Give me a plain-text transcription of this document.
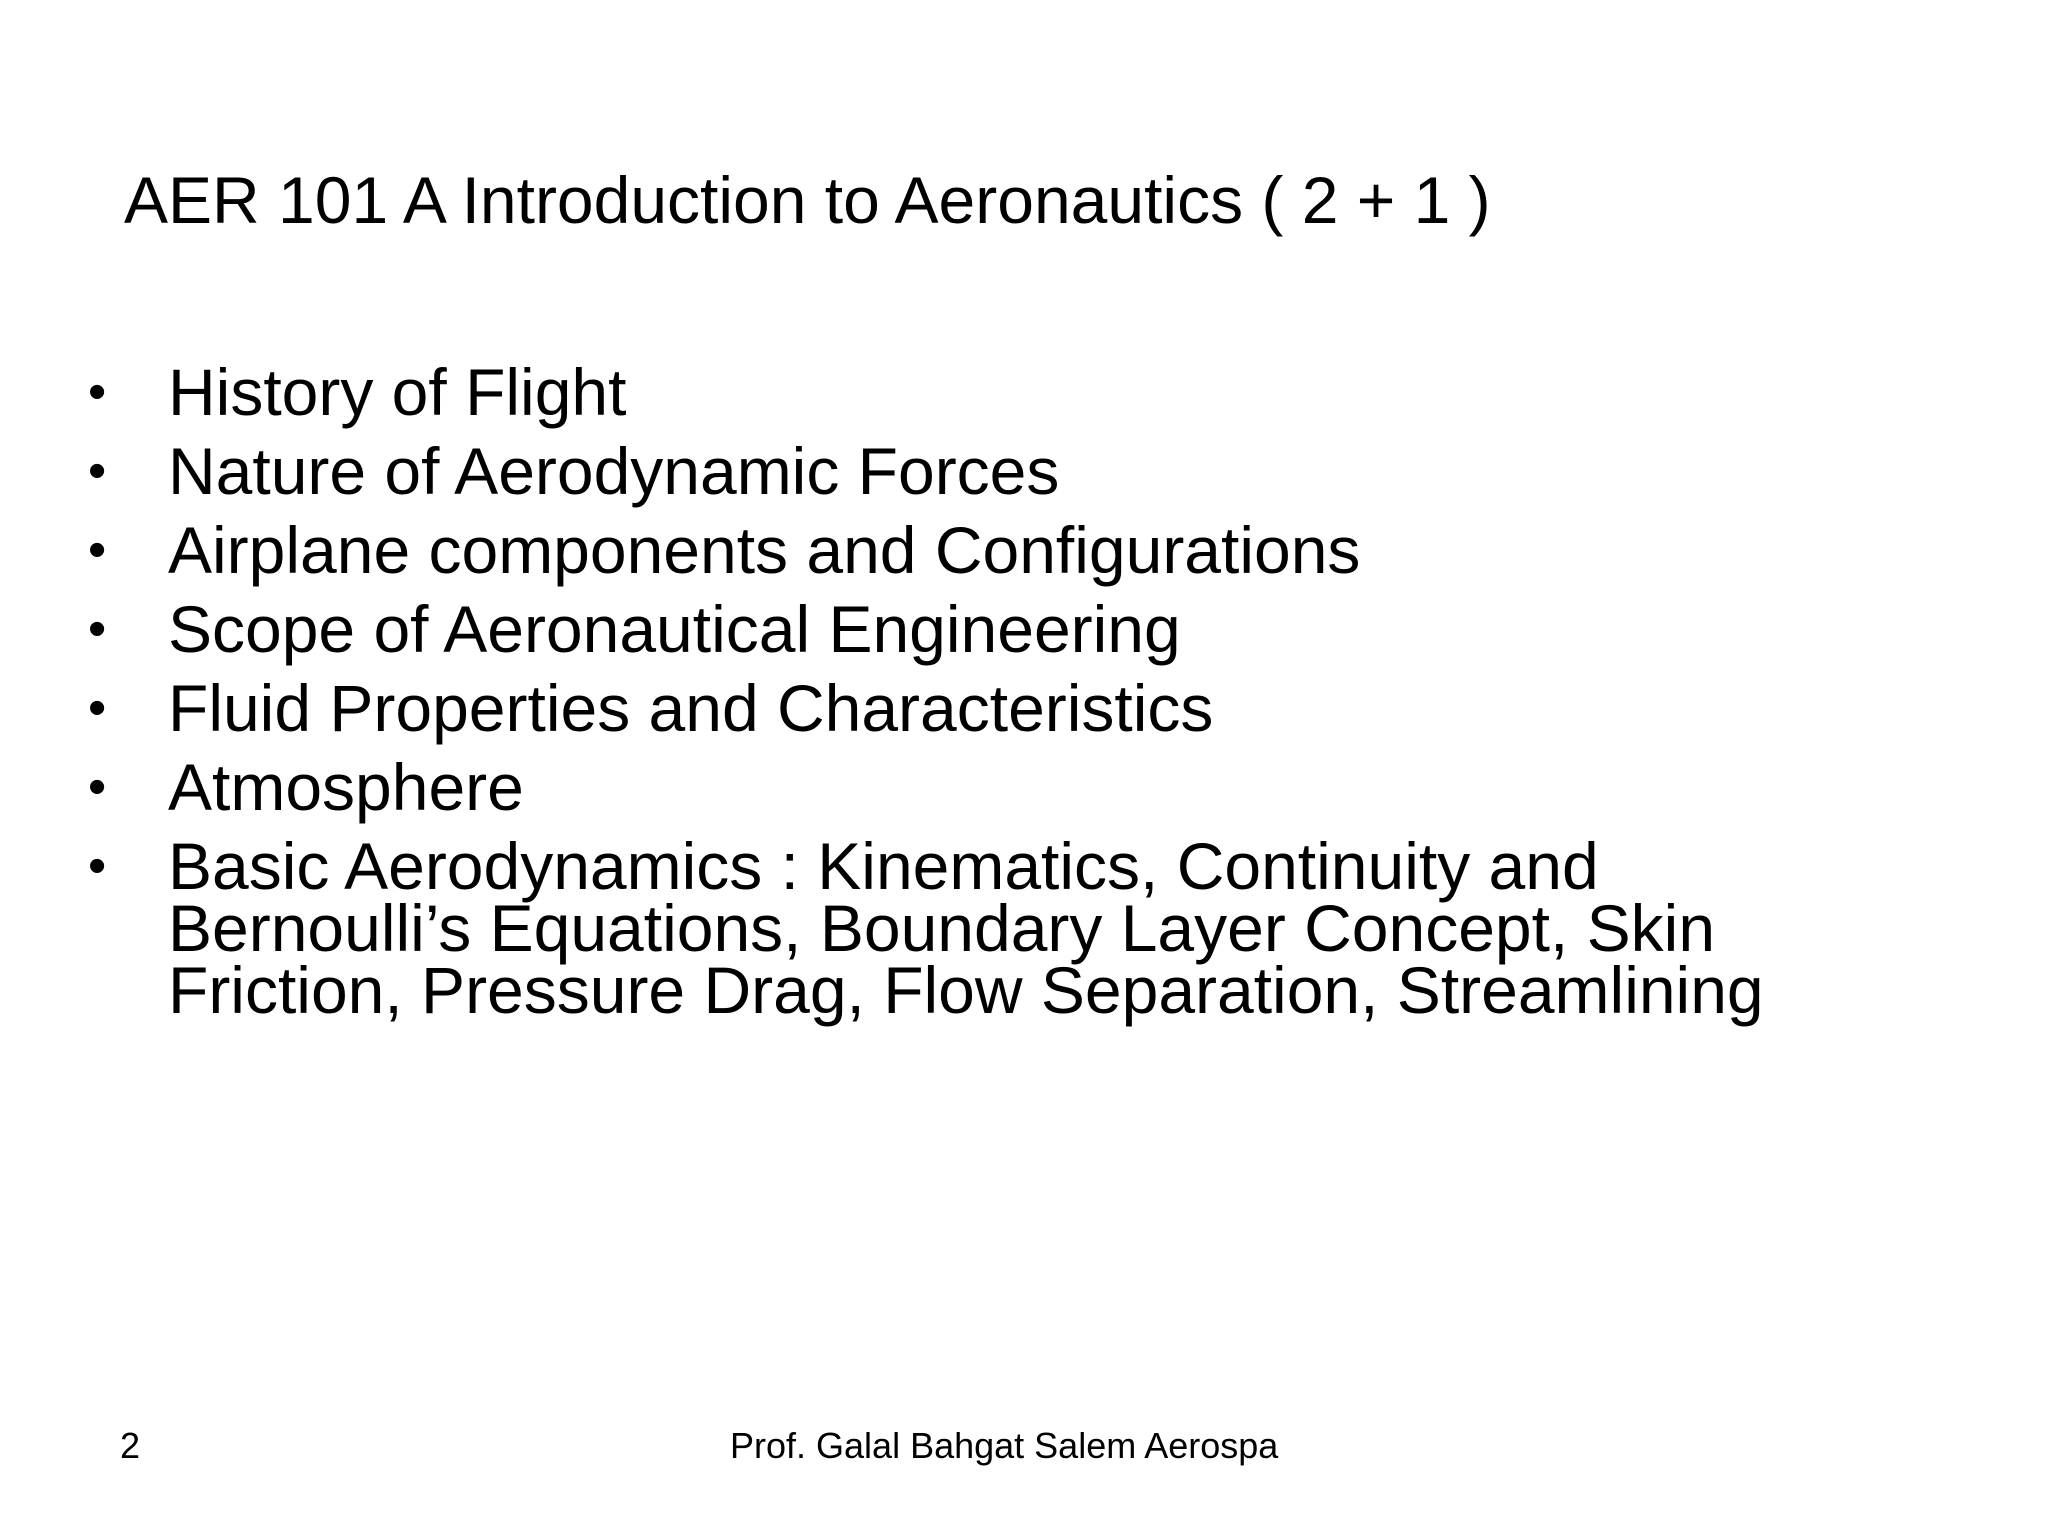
AER 101 A Introduction to Aeronautics ( 2 + 1 )
• History of Flight
• Nature of Aerodynamic Forces
• Airplane components and Configurations
• Scope of Aeronautical Engineering
• Fluid Properties and Characteristics
• Atmosphere
• Basic Aerodynamics : Kinematics, Continuity and
Bernoulli’s Equations, Boundary Layer Concept, Skin
Friction, Pressure Drag, Flow Separation, Streamlining
2	Prof. Galal Bahgat Salem Aerospa
